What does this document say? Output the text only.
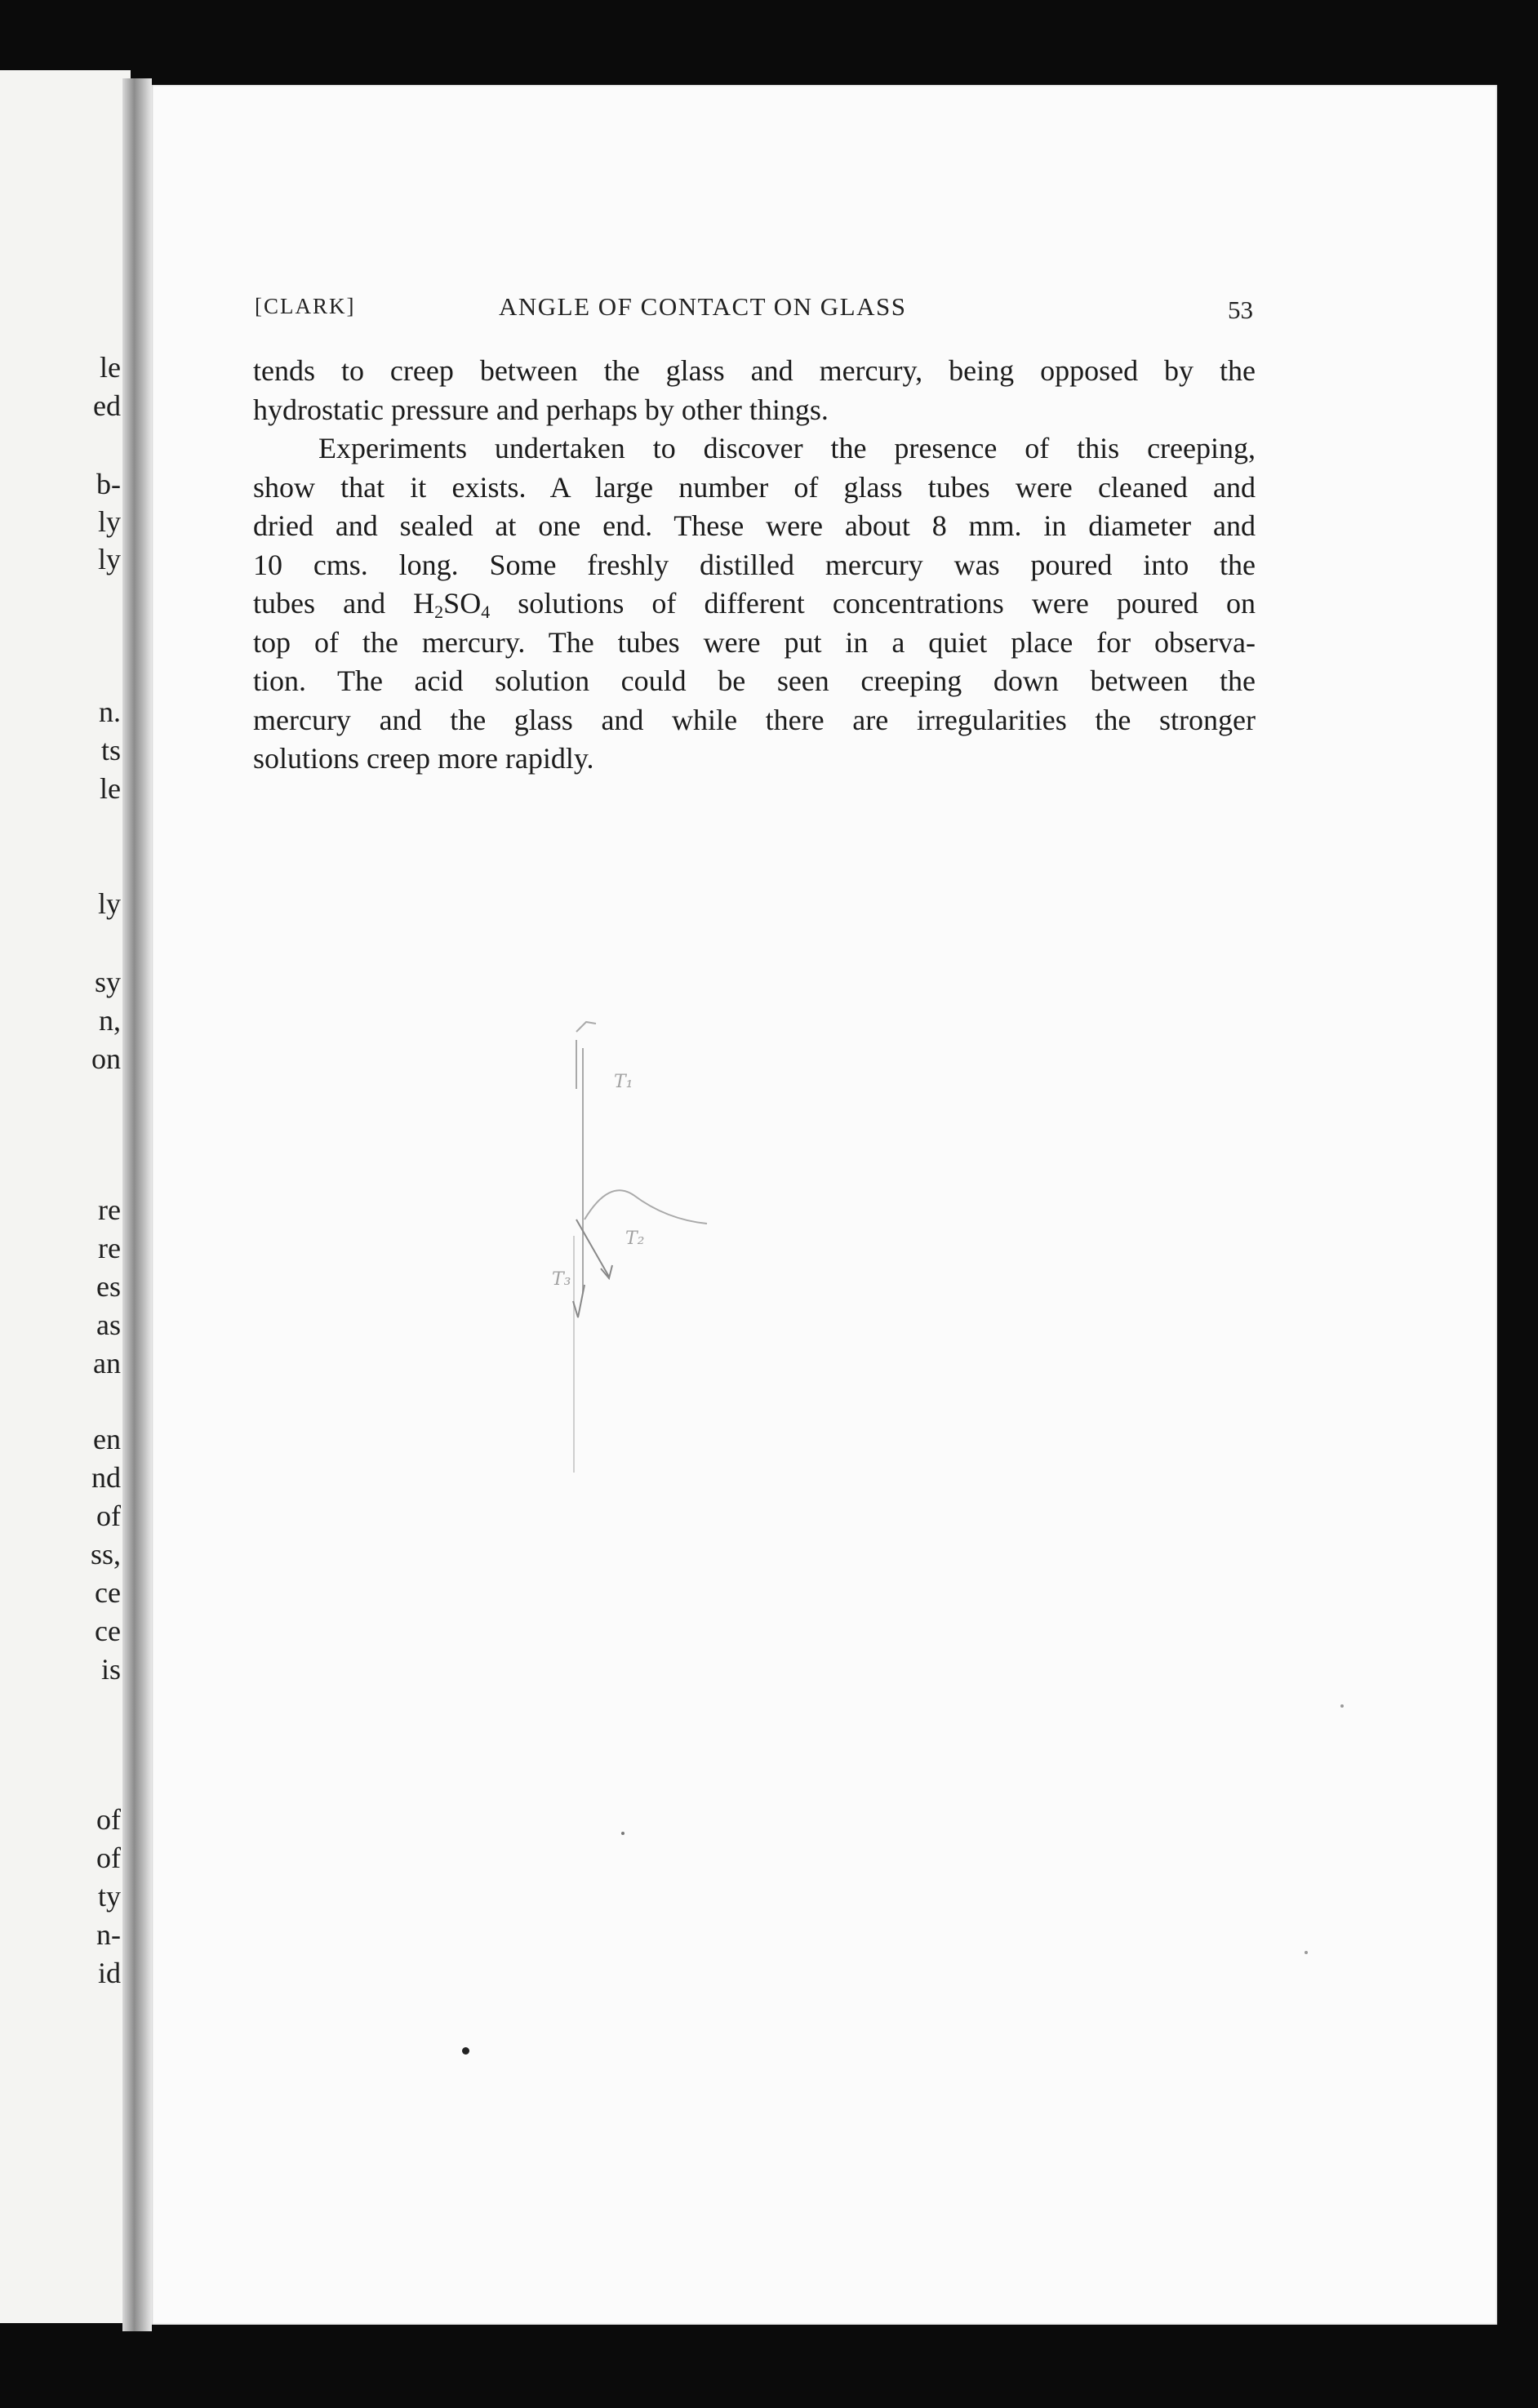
le
ed
b-
ly
ly
n.
ts
le
ly
sy
n,
on
re
re
es
as
an
en
nd
of
ss,
ce
ce
is
of
of
ty
n-
id
[CLARK]	ANGLE OF CONTACT ON GLASS	53
tends to creep between the glass and mercury, being opposed by the
hydrostatic pressure and perhaps by other things.
Experiments undertaken to discover the presence of this creeping,
show that it exists. A large number of glass tubes were cleaned and
dried and sealed at one end. These were about 8 mm. in diameter and
10 cms. long. Some freshly distilled mercury was poured into the
tubes and $H_2SO_4$ solutions of different concentrations were poured on
top of the mercury. The tubes were put in a quiet place for observa-
tion. The acid solution could be seen creeping down between the
mercury and the glass and while there are irregularities the stronger
solutions creep more rapidly.
T₁
T₂
T₃
